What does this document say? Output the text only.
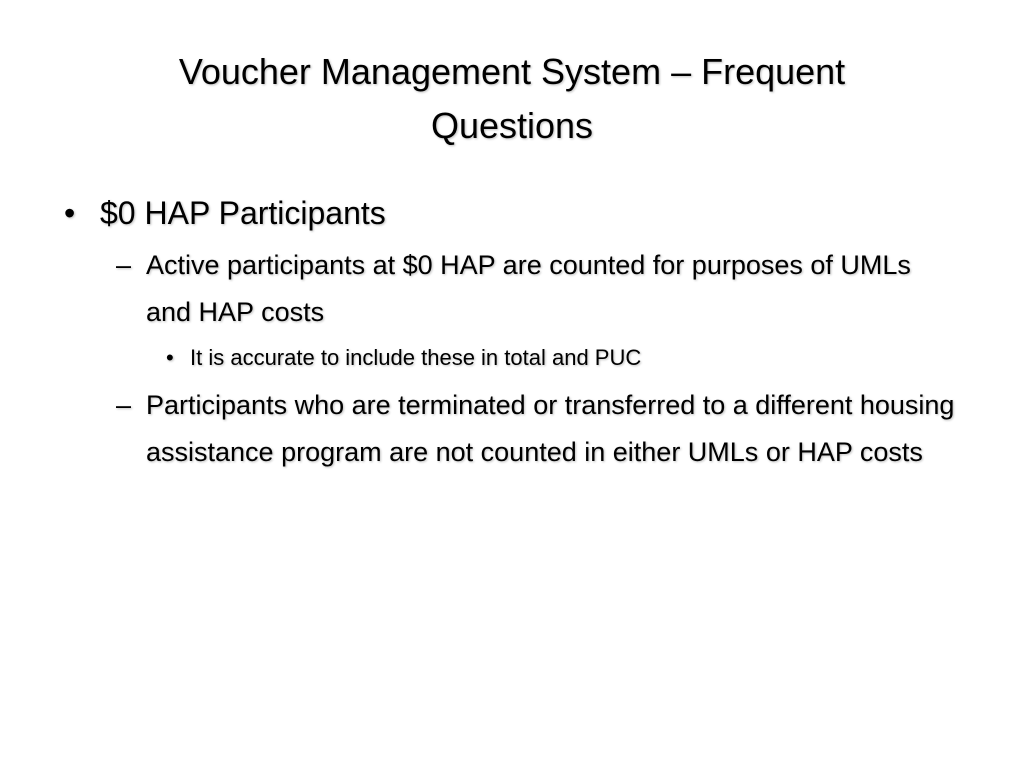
Voucher Management System – Frequent Questions
• $0 HAP Participants
– Active participants at $0 HAP are counted for purposes of UMLs and HAP costs
• It is accurate to include these in total and PUC
– Participants who are terminated or transferred to a different housing assistance program are not counted in either UMLs or HAP costs
